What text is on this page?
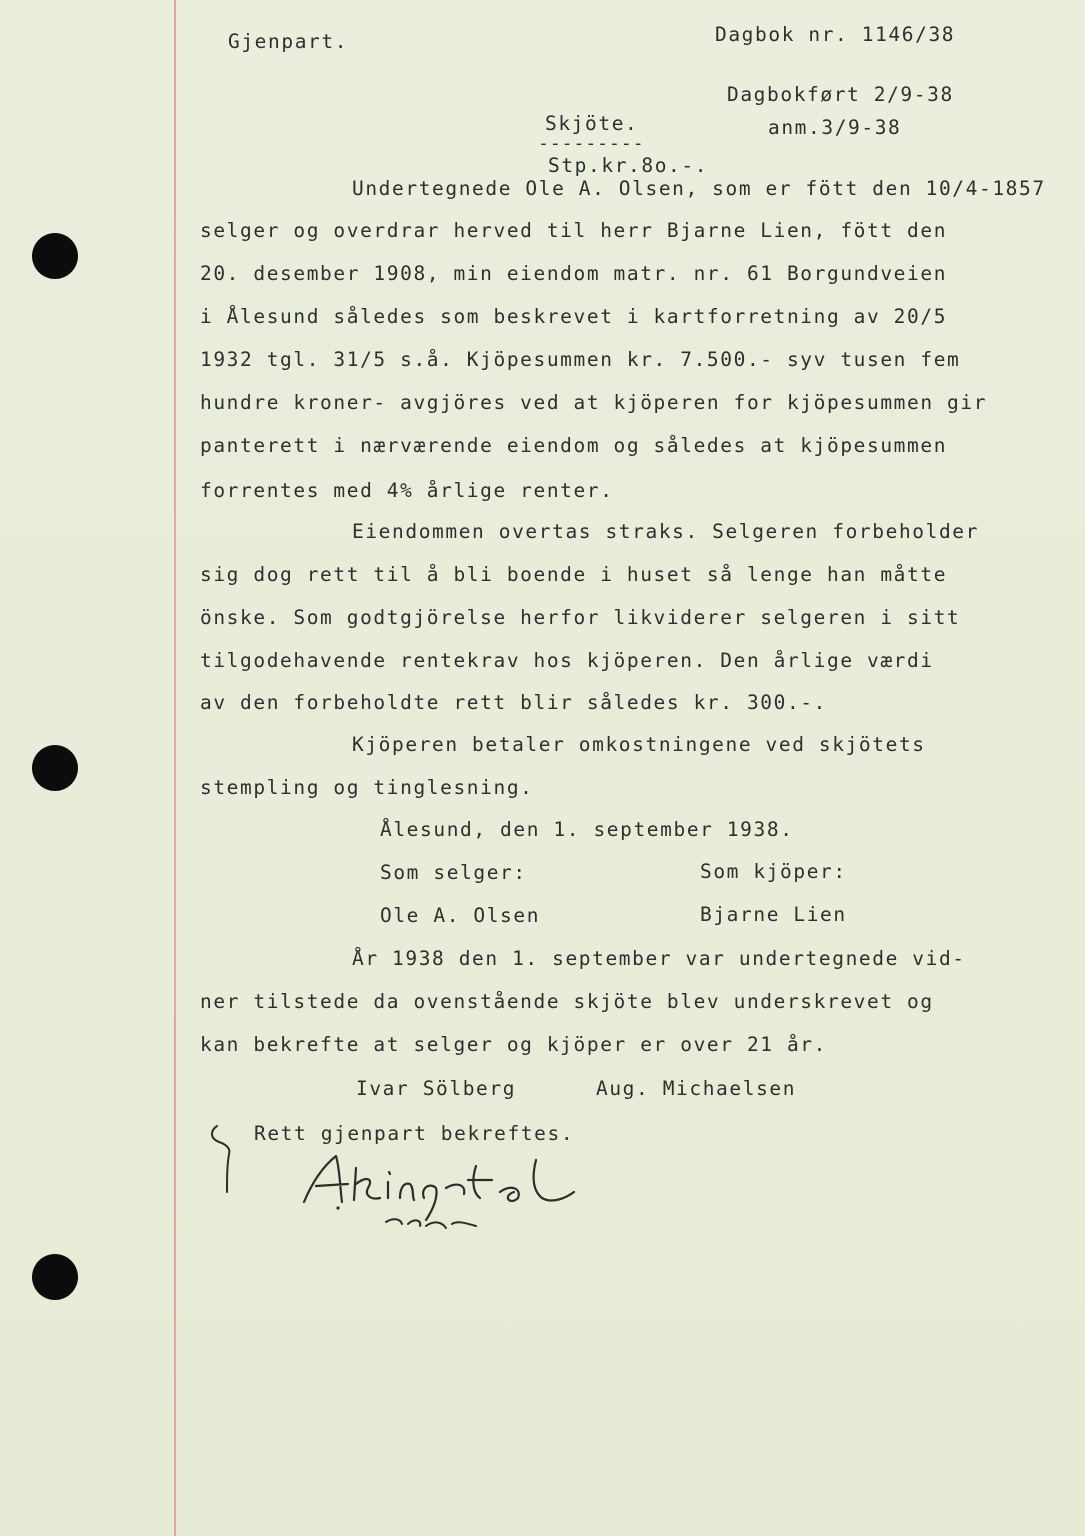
Gjenpart.	Dagbok nr. 1146/38
Dagbokført 2/9-38
anm.3/9-38
Skjöte.
---------
Stp.kr.8o.-.
Undertegnede Ole A. Olsen, som er fött den 10/4-1857
selger og overdrar herved til herr Bjarne Lien, fött den
20. desember 1908, min eiendom matr. nr. 61 Borgundveien
i Ålesund således som beskrevet i kartforretning av 20/5
1932 tgl. 31/5 s.å. Kjöpesummen kr. 7.500.- syv tusen fem
hundre kroner- avgjöres ved at kjöperen for kjöpesummen gir
panterett i nærværende eiendom og således at kjöpesummen
forrentes med 4% årlige renter.
Eiendommen overtas straks. Selgeren forbeholder
sig dog rett til å bli boende i huset så lenge han måtte
önske. Som godtgjörelse herfor likviderer selgeren i sitt
tilgodehavende rentekrav hos kjöperen. Den årlige værdi
av den forbeholdte rett blir således kr. 300.-.
Kjöperen betaler omkostningene ved skjötets
stempling og tinglesning.
Ålesund, den 1. september 1938.
Som selger:	Som kjöper:
Ole A. Olsen	Bjarne Lien
År 1938 den 1. september var undertegnede vid-
ner tilstede da ovenstående skjöte blev underskrevet og
kan bekrefte at selger og kjöper er over 21 år.
Ivar Sölberg	Aug. Michaelsen
Rett gjenpart bekreftes.
